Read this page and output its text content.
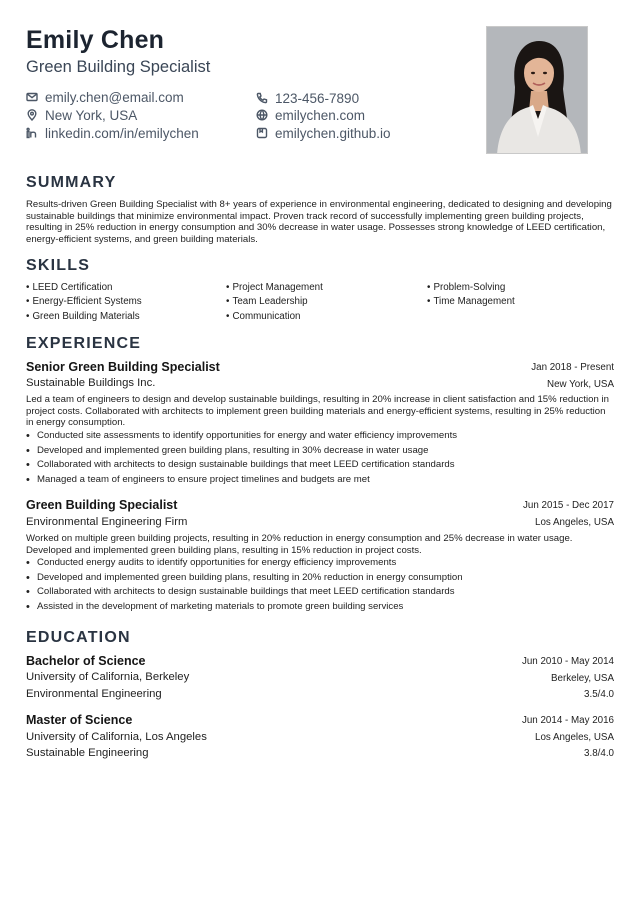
Emily Chen
Green Building Specialist
emily.chen@email.com
New York, USA
linkedin.com/in/emilychen
123-456-7890
emilychen.com
emilychen.github.io
SUMMARY
Results-driven Green Building Specialist with 8+ years of experience in environmental engineering, dedicated to designing and developing sustainable buildings that minimize environmental impact. Proven track record of successfully implementing green building projects, resulting in 25% reduction in energy consumption and 30% decrease in water usage. Possesses strong knowledge of LEED certification, energy-efficient systems, and green building materials.
SKILLS
• LEED Certification
• Energy-Efficient Systems
• Green Building Materials
• Project Management
• Team Leadership
• Communication
• Problem-Solving
• Time Management
EXPERIENCE
Senior Green Building Specialist	Jan 2018 - Present
Sustainable Buildings Inc.	New York, USA
Led a team of engineers to design and develop sustainable buildings, resulting in 20% increase in client satisfaction and 15% reduction in project costs. Collaborated with architects to implement green building materials and energy-efficient systems, resulting in 25% reduction in energy consumption.
• Conducted site assessments to identify opportunities for energy and water efficiency improvements
• Developed and implemented green building plans, resulting in 30% decrease in water usage
• Collaborated with architects to design sustainable buildings that meet LEED certification standards
• Managed a team of engineers to ensure project timelines and budgets are met
Green Building Specialist	Jun 2015 - Dec 2017
Environmental Engineering Firm	Los Angeles, USA
Worked on multiple green building projects, resulting in 20% reduction in energy consumption and 25% decrease in water usage. Developed and implemented green building plans, resulting in 15% reduction in project costs.
• Conducted energy audits to identify opportunities for energy efficiency improvements
• Developed and implemented green building plans, resulting in 20% reduction in energy consumption
• Collaborated with architects to design sustainable buildings that meet LEED certification standards
• Assisted in the development of marketing materials to promote green building services
EDUCATION
Bachelor of Science	Jun 2010 - May 2014
University of California, Berkeley	Berkeley, USA
Environmental Engineering	3.5/4.0
Master of Science	Jun 2014 - May 2016
University of California, Los Angeles	Los Angeles, USA
Sustainable Engineering	3.8/4.0
